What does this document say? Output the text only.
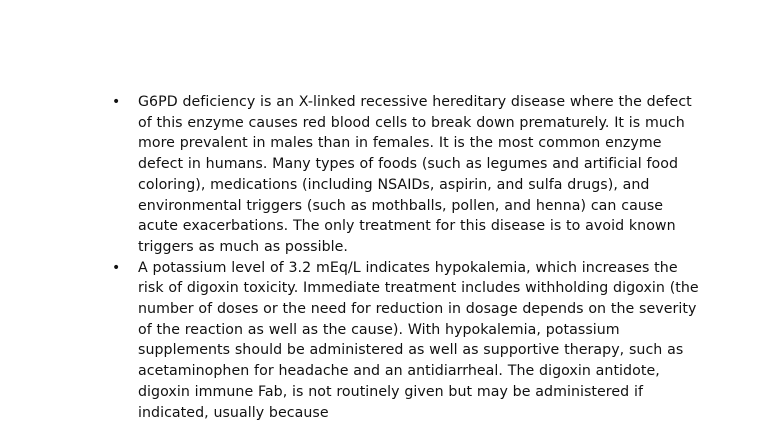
• G6PD deficiency is an X-linked recessive hereditary disease where the defect of this enzyme causes red blood cells to break down prematurely. It is much more prevalent in males than in females. It is the most common enzyme defect in humans. Many types of foods (such as legumes and artificial food coloring), medications (including NSAIDs, aspirin, and sulfa drugs), and environmental triggers (such as mothballs, pollen, and henna) can cause acute exacerbations. The only treatment for this disease is to avoid known triggers as much as possible.
• A potassium level of 3.2 mEq/L indicates hypokalemia, which increases the risk of digoxin toxicity. Immediate treatment includes withholding digoxin (the number of doses or the need for reduction in dosage depends on the severity of the reaction as well as the cause). With hypokalemia, potassium supplements should be administered as well as supportive therapy, such as acetaminophen for headache and an antidiarrheal. The digoxin antidote, digoxin immune Fab, is not routinely given but may be administered if indicated, usually because
